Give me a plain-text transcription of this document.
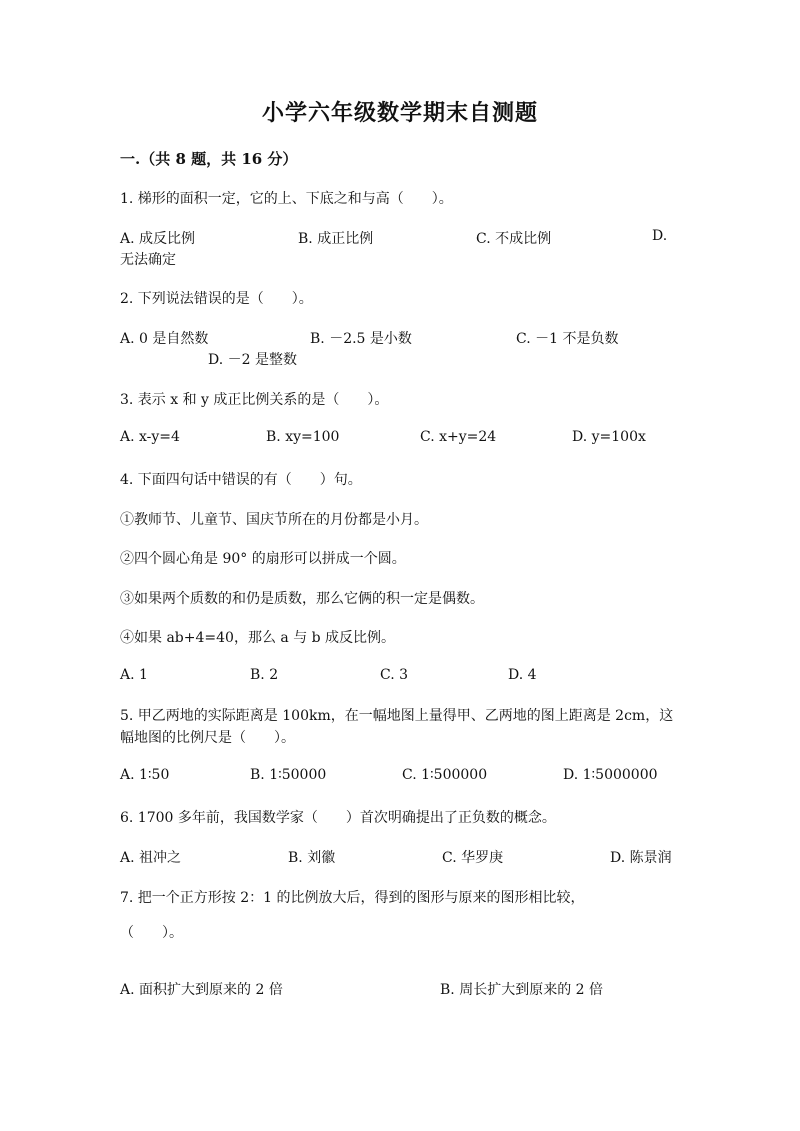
小学六年级数学期末自测题
一.（共 8 题，共 16 分）
1. 梯形的面积一定，它的上、下底之和与高（　　）。
A. 成反比例	B. 成正比例	C. 不成比例	D.
无法确定
2. 下列说法错误的是（　　）。
A. 0 是自然数	B. －2.5 是小数	C. －1 不是负数
D. －2 是整数
3. 表示 x 和 y 成正比例关系的是（　　）。
A. x-y=4	B. xy=100	C. x+y=24	D. y=100x
4. 下面四句话中错误的有（　　）句。
①教师节、儿童节、国庆节所在的月份都是小月。
②四个圆心角是 90° 的扇形可以拼成一个圆。
③如果两个质数的和仍是质数，那么它俩的积一定是偶数。
④如果 ab+4=40，那么 a 与 b 成反比例。
A. 1	B. 2	C. 3	D. 4
5. 甲乙两地的实际距离是 100km，在一幅地图上量得甲、乙两地的图上距离是 2cm，这幅地图的比例尺是（　　）。
A. 1∶50	B. 1∶50000	C. 1∶500000	D. 1∶5000000
6. 1700 多年前，我国数学家（　　）首次明确提出了正负数的概念。
A. 祖冲之	B. 刘徽	C. 华罗庚	D. 陈景润
7. 把一个正方形按 2：1 的比例放大后，得到的图形与原来的图形相比较，
（　　）。
A. 面积扩大到原来的 2 倍	B. 周长扩大到原来的 2 倍
